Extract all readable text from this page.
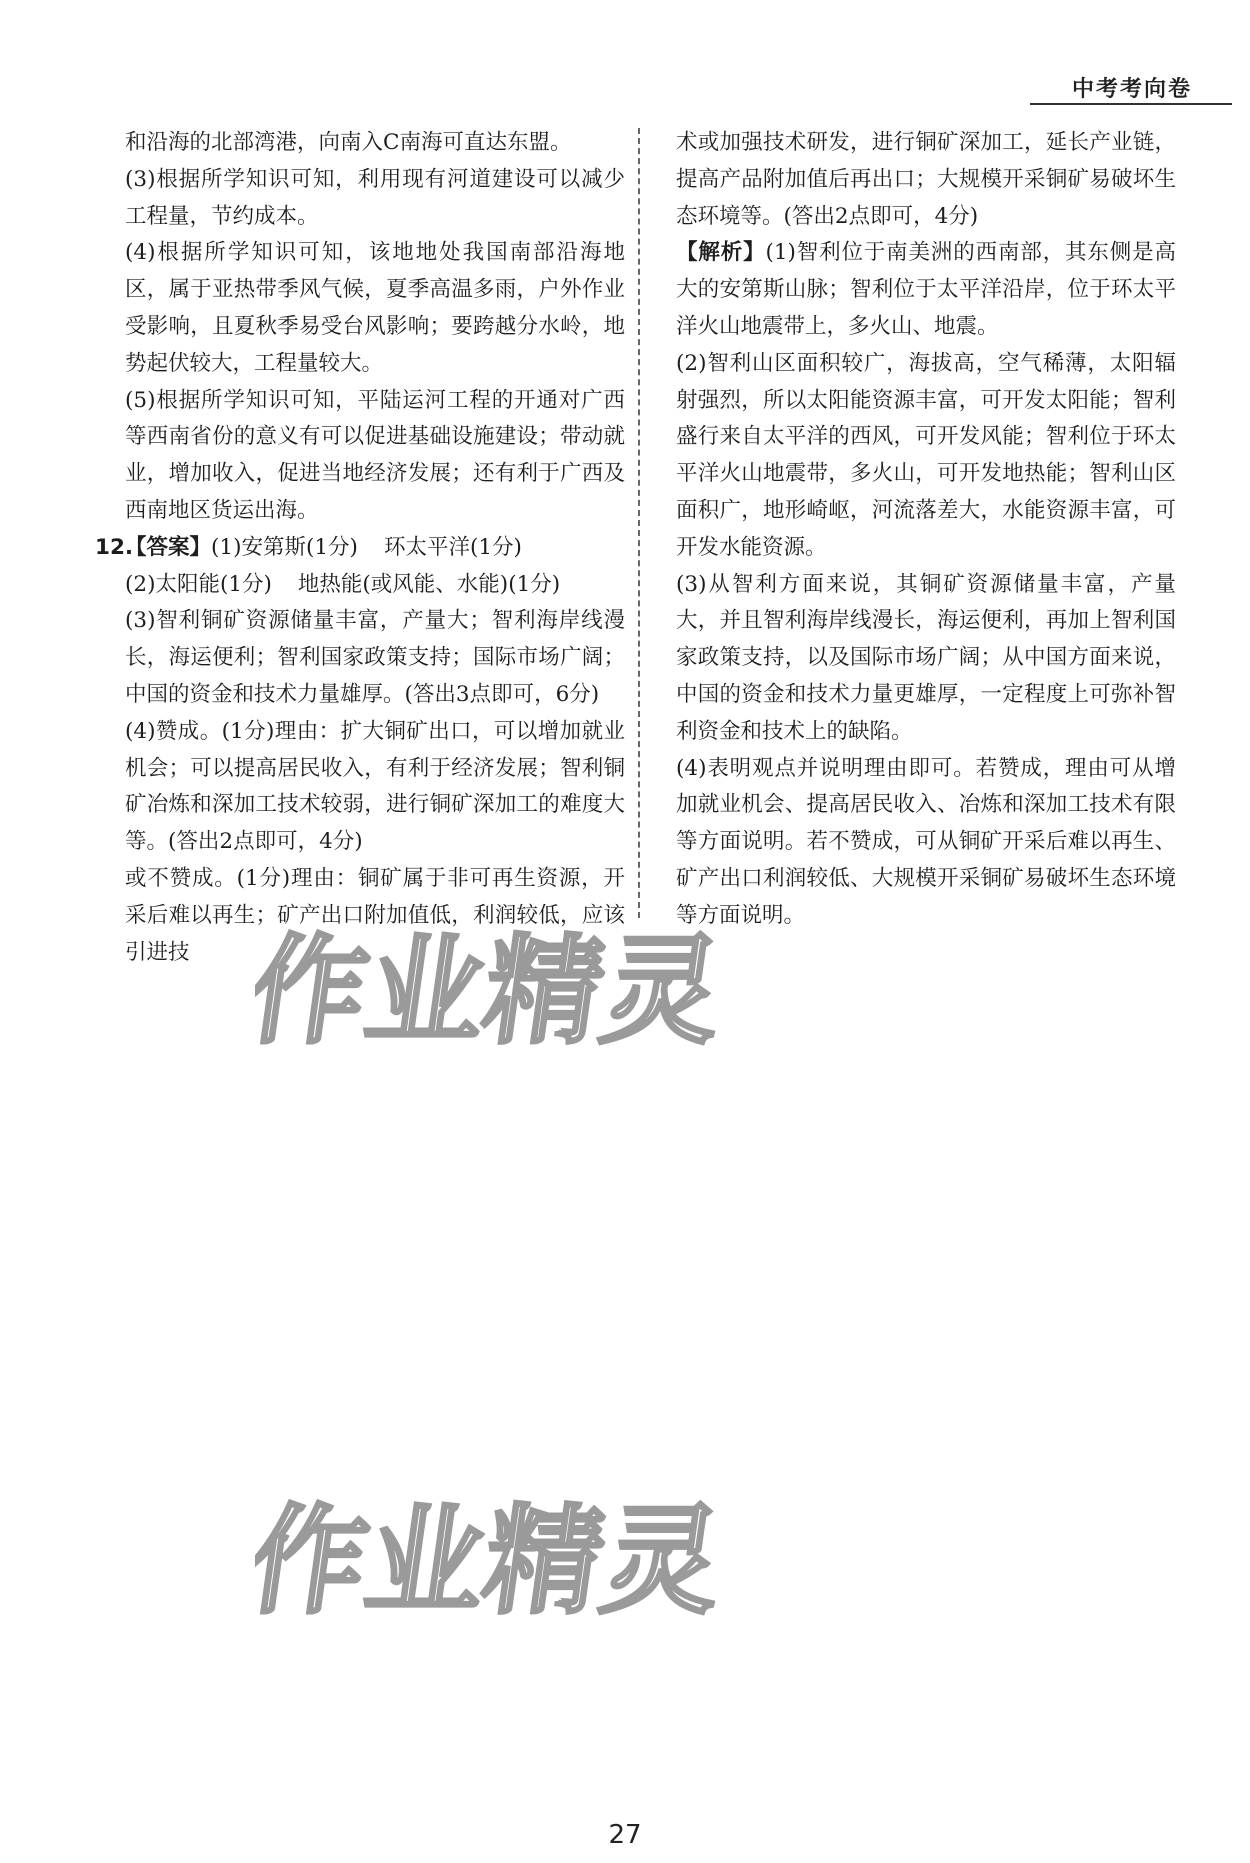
中考考向卷

和沿海的北部湾港，向南入C南海可直达东盟。

(3)根据所学知识可知，利用现有河道建设可以减少工程量，节约成本。

(4)根据所学知识可知，该地地处我国南部沿海地区，属于亚热带季风气候，夏季高温多雨，户外作业受影响，且夏秋季易受台风影响；要跨越分水岭，地势起伏较大，工程量较大。

(5)根据所学知识可知，平陆运河工程的开通对广西等西南省份的意义有可以促进基础设施建设；带动就业，增加收入，促进当地经济发展；还有利于广西及西南地区货运出海。

12.
【答案】(1)安第斯(1分) 环太平洋(1分)
(2)太阳能(1分) 地热能(或风能、水能)(1分)

(3)智利铜矿资源储量丰富，产量大；智利海岸线漫长，海运便利；智利国家政策支持；国际市场广阔；中国的资金和技术力量雄厚。(答出3点即可，6分)

(4)赞成。(1分)理由：扩大铜矿出口，可以增加就业机会；可以提高居民收入，有利于经济发展；智利铜矿冶炼和深加工技术较弱，进行铜矿深加工的难度大等。(答出2点即可，4分)

或不赞成。(1分)理由：铜矿属于非可再生资源，开采后难以再生；矿产出口附加值低，利润较低，应该引进技

术或加强技术研发，进行铜矿深加工，延长产业链，提高产品附加值后再出口；大规模开采铜矿易破坏生态环境等。(答出2点即可，4分)

【解析】(1)智利位于南美洲的西南部，其东侧是高大的安第斯山脉；智利位于太平洋沿岸，位于环太平洋火山地震带上，多火山、地震。

(2)智利山区面积较广，海拔高，空气稀薄，太阳辐射强烈，所以太阳能资源丰富，可开发太阳能；智利盛行来自太平洋的西风，可开发风能；智利位于环太平洋火山地震带，多火山，可开发地热能；智利山区面积广，地形崎岖，河流落差大，水能资源丰富，可开发水能资源。

(3)从智利方面来说，其铜矿资源储量丰富，产量大，并且智利海岸线漫长，海运便利，再加上智利国家政策支持，以及国际市场广阔；从中国方面来说，中国的资金和技术力量更雄厚，一定程度上可弥补智利资金和技术上的缺陷。

(4)表明观点并说明理由即可。若赞成，理由可从增加就业机会、提高居民收入、冶炼和深加工技术有限等方面说明。若不赞成，可从铜矿开采后难以再生、矿产出口利润较低、大规模开采铜矿易破坏生态环境等方面说明。

作业精灵
作业精灵
27
